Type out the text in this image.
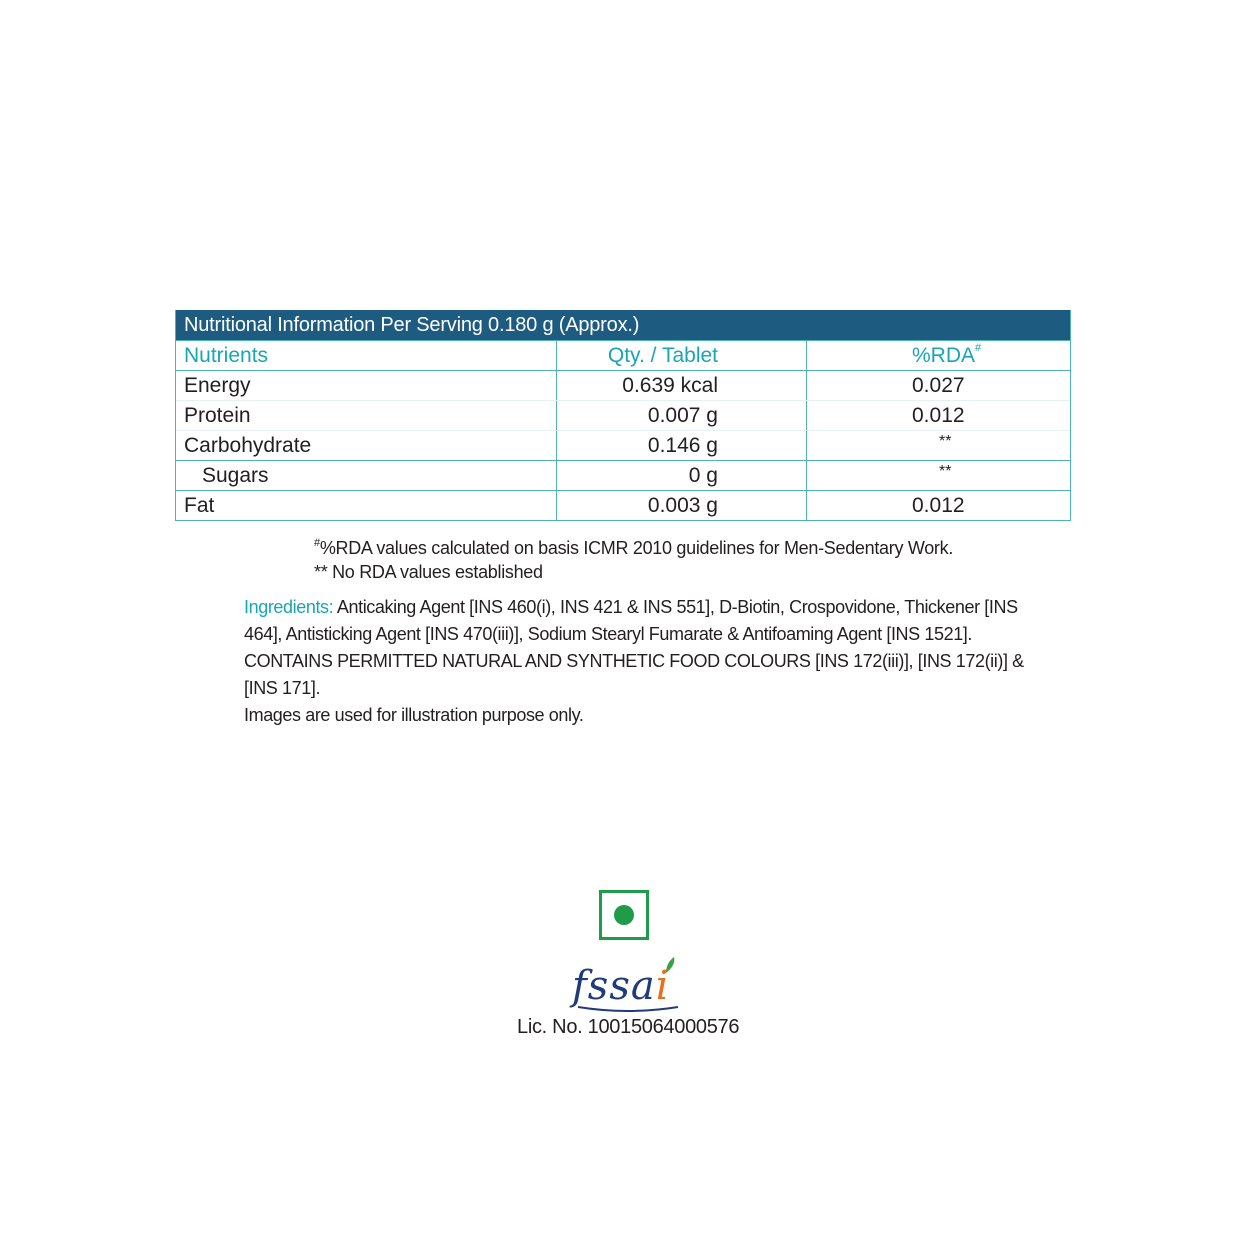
Nutritional Information Per Serving 0.180 g (Approx.)
Nutrients	Qty. / Tablet	%RDA#
Energy	0.639 kcal	0.027
Protein	0.007 g	0.012
Carbohydrate	0.146 g	**
Sugars	0 g	**
Fat	0.003 g	0.012
#%RDA values calculated on basis ICMR 2010 guidelines for Men-Sedentary Work.
** No RDA values established
Ingredients: Anticaking Agent [INS 460(i), INS 421 & INS 551], D-Biotin, Crospovidone, Thickener [INS 464], Antisticking Agent [INS 470(iii)], Sodium Stearyl Fumarate & Antifoaming Agent [INS 1521].
CONTAINS PERMITTED NATURAL AND SYNTHETIC FOOD COLOURS [INS 172(iii)], [INS 172(ii)] & [INS 171].
Images are used for illustration purpose only.
fssai
Lic. No. 10015064000576
